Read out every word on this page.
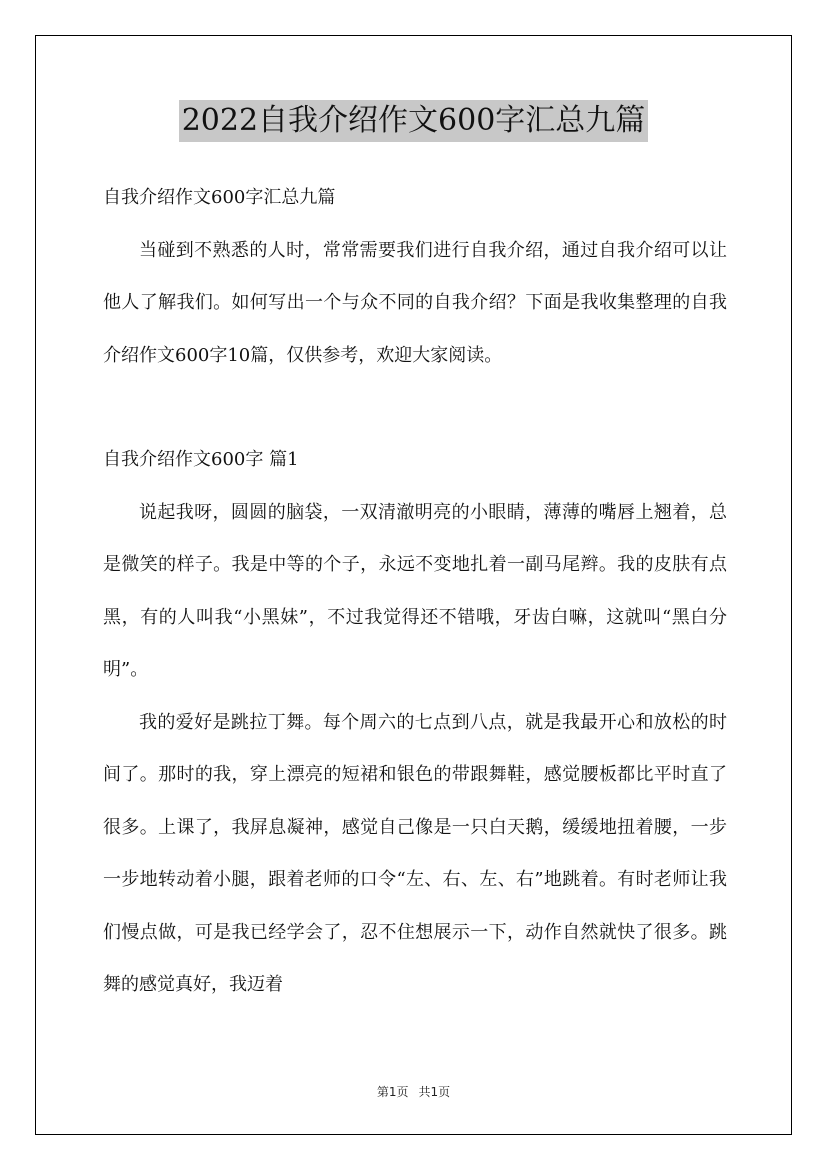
2022自我介绍作文600字汇总九篇

自我介绍作文600字汇总九篇

当碰到不熟悉的人时，常常需要我们进行自我介绍，通过自我介绍可以让他人了解我们。如何写出一个与众不同的自我介绍？下面是我收集整理的自我介绍作文600字10篇，仅供参考，欢迎大家阅读。

自我介绍作文600字 篇1

说起我呀，圆圆的脑袋，一双清澈明亮的小眼睛，薄薄的嘴唇上翘着，总是微笑的样子。我是中等的个子，永远不变地扎着一副马尾辫。我的皮肤有点黑，有的人叫我“小黑妹”，不过我觉得还不错哦，牙齿白嘛，这就叫“黑白分明”。

我的爱好是跳拉丁舞。每个周六的七点到八点，就是我最开心和放松的时间了。那时的我，穿上漂亮的短裙和银色的带跟舞鞋，感觉腰板都比平时直了很多。上课了，我屏息凝神，感觉自己像是一只白天鹅，缓缓地扭着腰，一步一步地转动着小腿，跟着老师的口令“左、右、左、右”地跳着。有时老师让我们慢点做，可是我已经学会了，忍不住想展示一下，动作自然就快了很多。跳舞的感觉真好，我迈着

第1页 共1页
